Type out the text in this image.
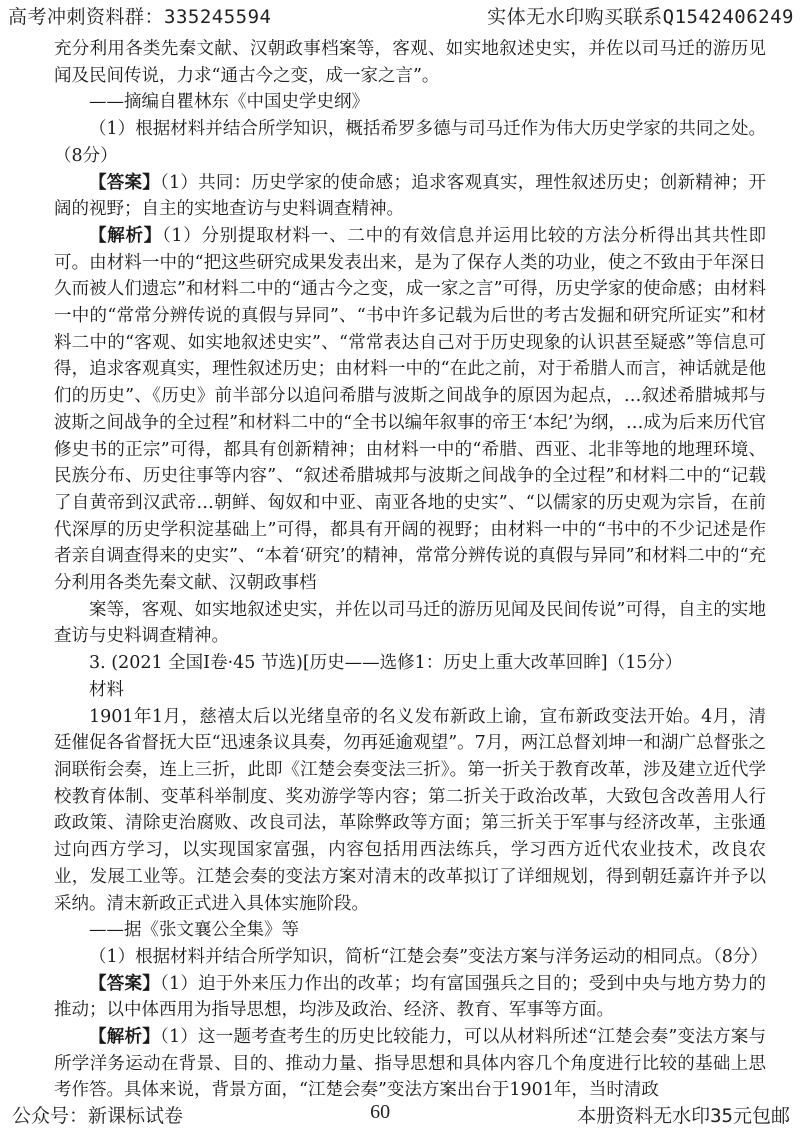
高考冲刺资料群：335245594	实体无水印购买联系Q1542406249

充分利用各类先秦文献、汉朝政事档案等，客观、如实地叙述史实，并佐以司马迁的游历见闻及民间传说，力求“通古今之变，成一家之言”。

——摘编自瞿林东《中国史学史纲》

（1）根据材料并结合所学知识，概括希罗多德与司马迁作为伟大历史学家的共同之处。（8分）

【答案】（1）共同：历史学家的使命感；追求客观真实，理性叙述历史；创新精神；开阔的视野；自主的实地查访与史料调查精神。

【解析】（1）分别提取材料一、二中的有效信息并运用比较的方法分析得出其共性即可。由材料一中的“把这些研究成果发表出来，是为了保存人类的功业，使之不致由于年深日久而被人们遗忘”和材料二中的“通古今之变，成一家之言”可得，历史学家的使命感；由材料一中的“常常分辨传说的真假与异同”、“书中许多记载为后世的考古发掘和研究所证实”和材料二中的“客观、如实地叙述史实”、“常常表达自己对于历史现象的认识甚至疑惑”等信息可得，追求客观真实，理性叙述历史；由材料一中的“在此之前，对于希腊人而言，神话就是他们的历史”、《历史》前半部分以追问希腊与波斯之间战争的原因为起点，…叙述希腊城邦与波斯之间战争的全过程”和材料二中的“全书以编年叙事的帝王‘本纪’为纲，…成为后来历代官修史书的正宗”可得，都具有创新精神；由材料一中的“希腊、西亚、北非等地的地理环境、民族分布、历史往事等内容”、“叙述希腊城邦与波斯之间战争的全过程”和材料二中的“记载了自黄帝到汉武帝…朝鲜、匈奴和中亚、南亚各地的史实”、“以儒家的历史观为宗旨，在前代深厚的历史学积淀基础上”可得，都具有开阔的视野；由材料一中的“书中的不少记述是作者亲自调查得来的史实”、“本着‘研究’的精神，常常分辨传说的真假与异同”和材料二中的“充分利用各类先秦文献、汉朝政事档

案等，客观、如实地叙述史实，并佐以司马迁的游历见闻及民间传说”可得，自主的实地查访与史料调查精神。

3. (2021 全国Ⅰ卷·45 节选)[历史——选修1：历史上重大改革回眸]（15分）

材料

1901年1月，慈禧太后以光绪皇帝的名义发布新政上谕，宣布新政变法开始。4月，清廷催促各省督抚大臣“迅速条议具奏，勿再延逾观望”。7月，两江总督刘坤一和湖广总督张之洞联衔会奏，连上三折，此即《江楚会奏变法三折》。第一折关于教育改革，涉及建立近代学校教育体制、变革科举制度、奖劝游学等内容；第二折关于政治改革，大致包含改善用人行政政策、清除吏治腐败、改良司法，革除弊政等方面；第三折关于军事与经济改革，主张通过向西方学习，以实现国家富强，内容包括用西法练兵，学习西方近代农业技术，改良农业，发展工业等。江楚会奏的变法方案对清末的改革拟订了详细规划，得到朝廷嘉许并予以采纳。清末新政正式进入具体实施阶段。

——据《张文襄公全集》等

（1）根据材料并结合所学知识，简析“江楚会奏”变法方案与洋务运动的相同点。（8分）

【答案】（1）迫于外来压力作出的改革；均有富国强兵之目的；受到中央与地方势力的推动；以中体西用为指导思想，均涉及政治、经济、教育、军事等方面。

【解析】（1）这一题考查考生的历史比较能力，可以从材料所述“江楚会奏”变法方案与所学洋务运动在背景、目的、推动力量、指导思想和具体内容几个角度进行比较的基础上思考作答。具体来说，背景方面，“江楚会奏”变法方案出台于1901年，当时清政

公众号：新课标试卷	60	本册资料无水印35元包邮
